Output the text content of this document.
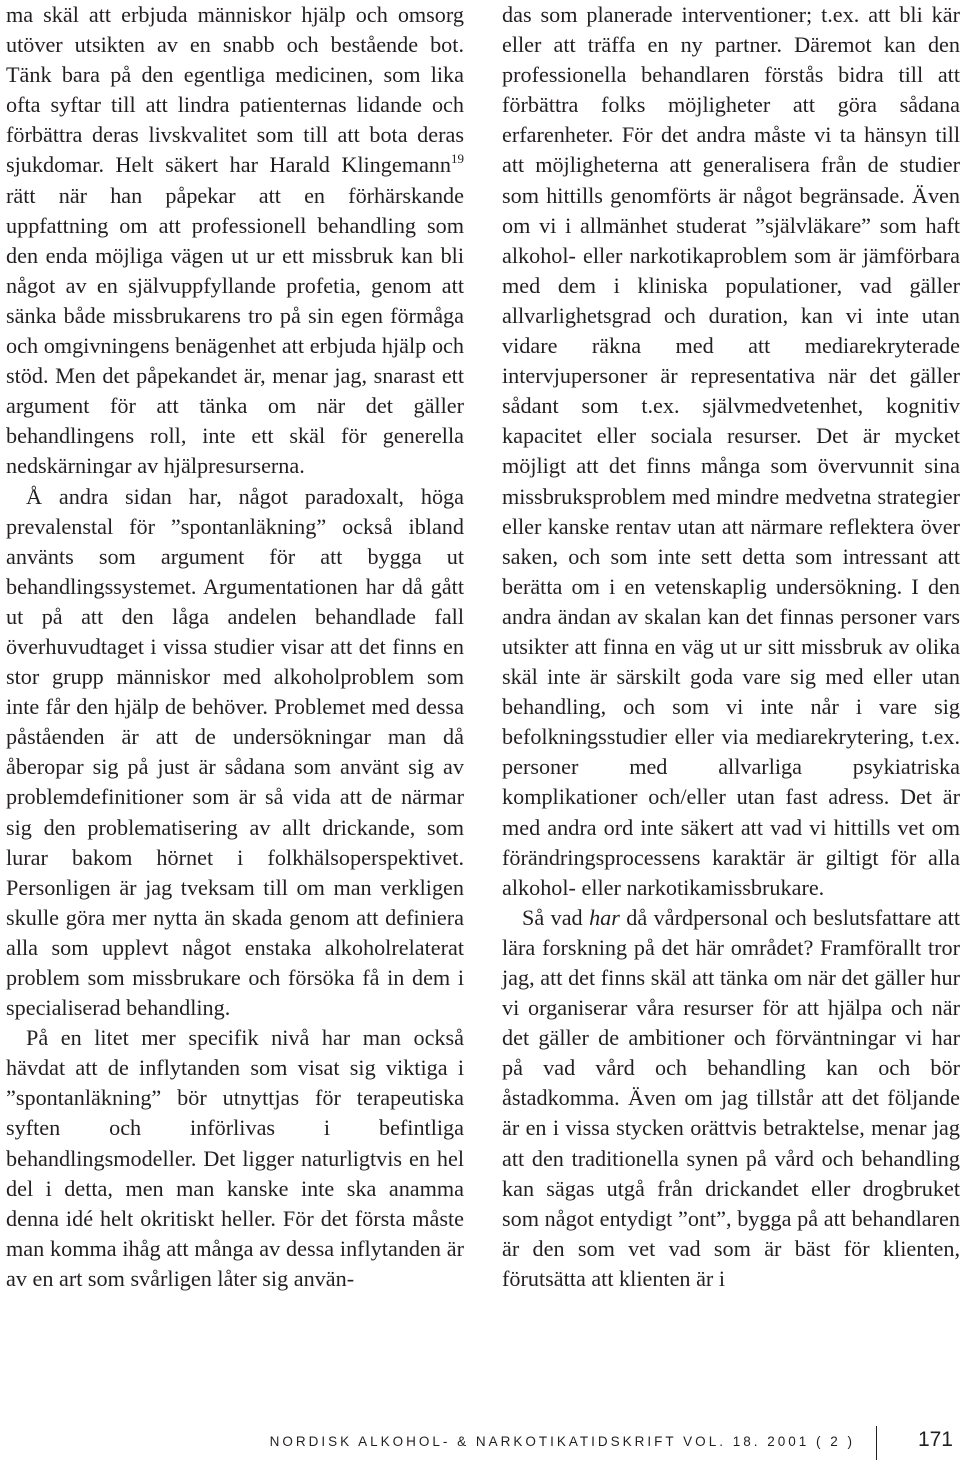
ma skäl att erbjuda människor hjälp och omsorg utöver utsikten av en snabb och bestående bot. Tänk bara på den egentliga medicinen, som lika ofta syftar till att lindra patienternas lidande och förbättra deras livskvalitet som till att bota deras sjukdomar. Helt säkert har Harald Klingemann$^{19}$ rätt när han påpekar att en förhärskande uppfattning om att professionell behandling som den enda möjliga vägen ut ur ett missbruk kan bli något av en självuppfyllande profetia, genom att sänka både missbrukarens tro på sin egen förmåga och omgivningens benägenhet att erbjuda hjälp och stöd. Men det påpekandet är, menar jag, snarast ett argument för att tänka om när det gäller behandlingens roll, inte ett skäl för generella nedskärningar av hjälpresurserna.

Å andra sidan har, något paradoxalt, höga prevalenstal för ”spontanläkning” också ibland använts som argument för att bygga ut behandlingssystemet. Argumentationen har då gått ut på att den låga andelen behandlade fall överhuvudtaget i vissa studier visar att det finns en stor grupp människor med alkoholproblem som inte får den hjälp de behöver. Problemet med dessa påståenden är att de undersökningar man då åberopar sig på just är sådana som använt sig av problemdefinitioner som är så vida att de närmar sig den problematisering av allt drickande, som lurar bakom hörnet i folkhälsoperspektivet. Personligen är jag tveksam till om man verkligen skulle göra mer nytta än skada genom att definiera alla som upplevt något enstaka alkoholrelaterat problem som missbrukare och försöka få in dem i specialiserad behandling.

På en litet mer specifik nivå har man också hävdat att de inflytanden som visat sig viktiga i ”spontanläkning” bör utnyttjas för terapeutiska syften och införlivas i befintliga behandlingsmodeller. Det ligger naturligtvis en hel del i detta, men man kanske inte ska anamma denna idé helt okritiskt heller. För det första måste man komma ihåg att många av dessa inflytanden är av en art som svårligen låter sig använ-

das som planerade interventioner; t.ex. att bli kär eller att träffa en ny partner. Däremot kan den professionella behandlaren förstås bidra till att förbättra folks möjligheter att göra sådana erfarenheter. För det andra måste vi ta hänsyn till att möjligheterna att generalisera från de studier som hittills genomförts är något begränsade. Även om vi i allmänhet studerat ”självläkare” som haft alkohol- eller narkotikaproblem som är jämförbara med dem i kliniska populationer, vad gäller allvarlighetsgrad och duration, kan vi inte utan vidare räkna med att mediarekryterade intervjupersoner är representativa när det gäller sådant som t.ex. självmedvetenhet, kognitiv kapacitet eller sociala resurser. Det är mycket möjligt att det finns många som övervunnit sina missbruksproblem med mindre medvetna strategier eller kanske rentav utan att närmare reflektera över saken, och som inte sett detta som intressant att berätta om i en vetenskaplig undersökning. I den andra ändan av skalan kan det finnas personer vars utsikter att finna en väg ut ur sitt missbruk av olika skäl inte är särskilt goda vare sig med eller utan behandling, och som vi inte når i vare sig befolkningsstudier eller via mediarekrytering, t.ex. personer med allvarliga psykiatriska komplikationer och/eller utan fast adress. Det är med andra ord inte säkert att vad vi hittills vet om förändringsprocessens karaktär är giltigt för alla alkohol- eller narkotikamissbrukare.

Så vad har då vårdpersonal och beslutsfattare att lära forskning på det här området? Framförallt tror jag, att det finns skäl att tänka om när det gäller hur vi organiserar våra resurser för att hjälpa och när det gäller de ambitioner och förväntningar vi har på vad vård och behandling kan och bör åstadkomma. Även om jag tillstår att det följande är en i vissa stycken orättvis betraktelse, menar jag att den traditionella synen på vård och behandling kan sägas utgå från drickandet eller drogbruket som något entydigt ”ont”, bygga på att behandlaren är den som vet vad som är bäst för klienten, förutsätta att klienten är i

NORDISK ALKOHOL- & NARKOTIKATIDSKRIFT VOL. 18. 2001 ( 2 )	171
